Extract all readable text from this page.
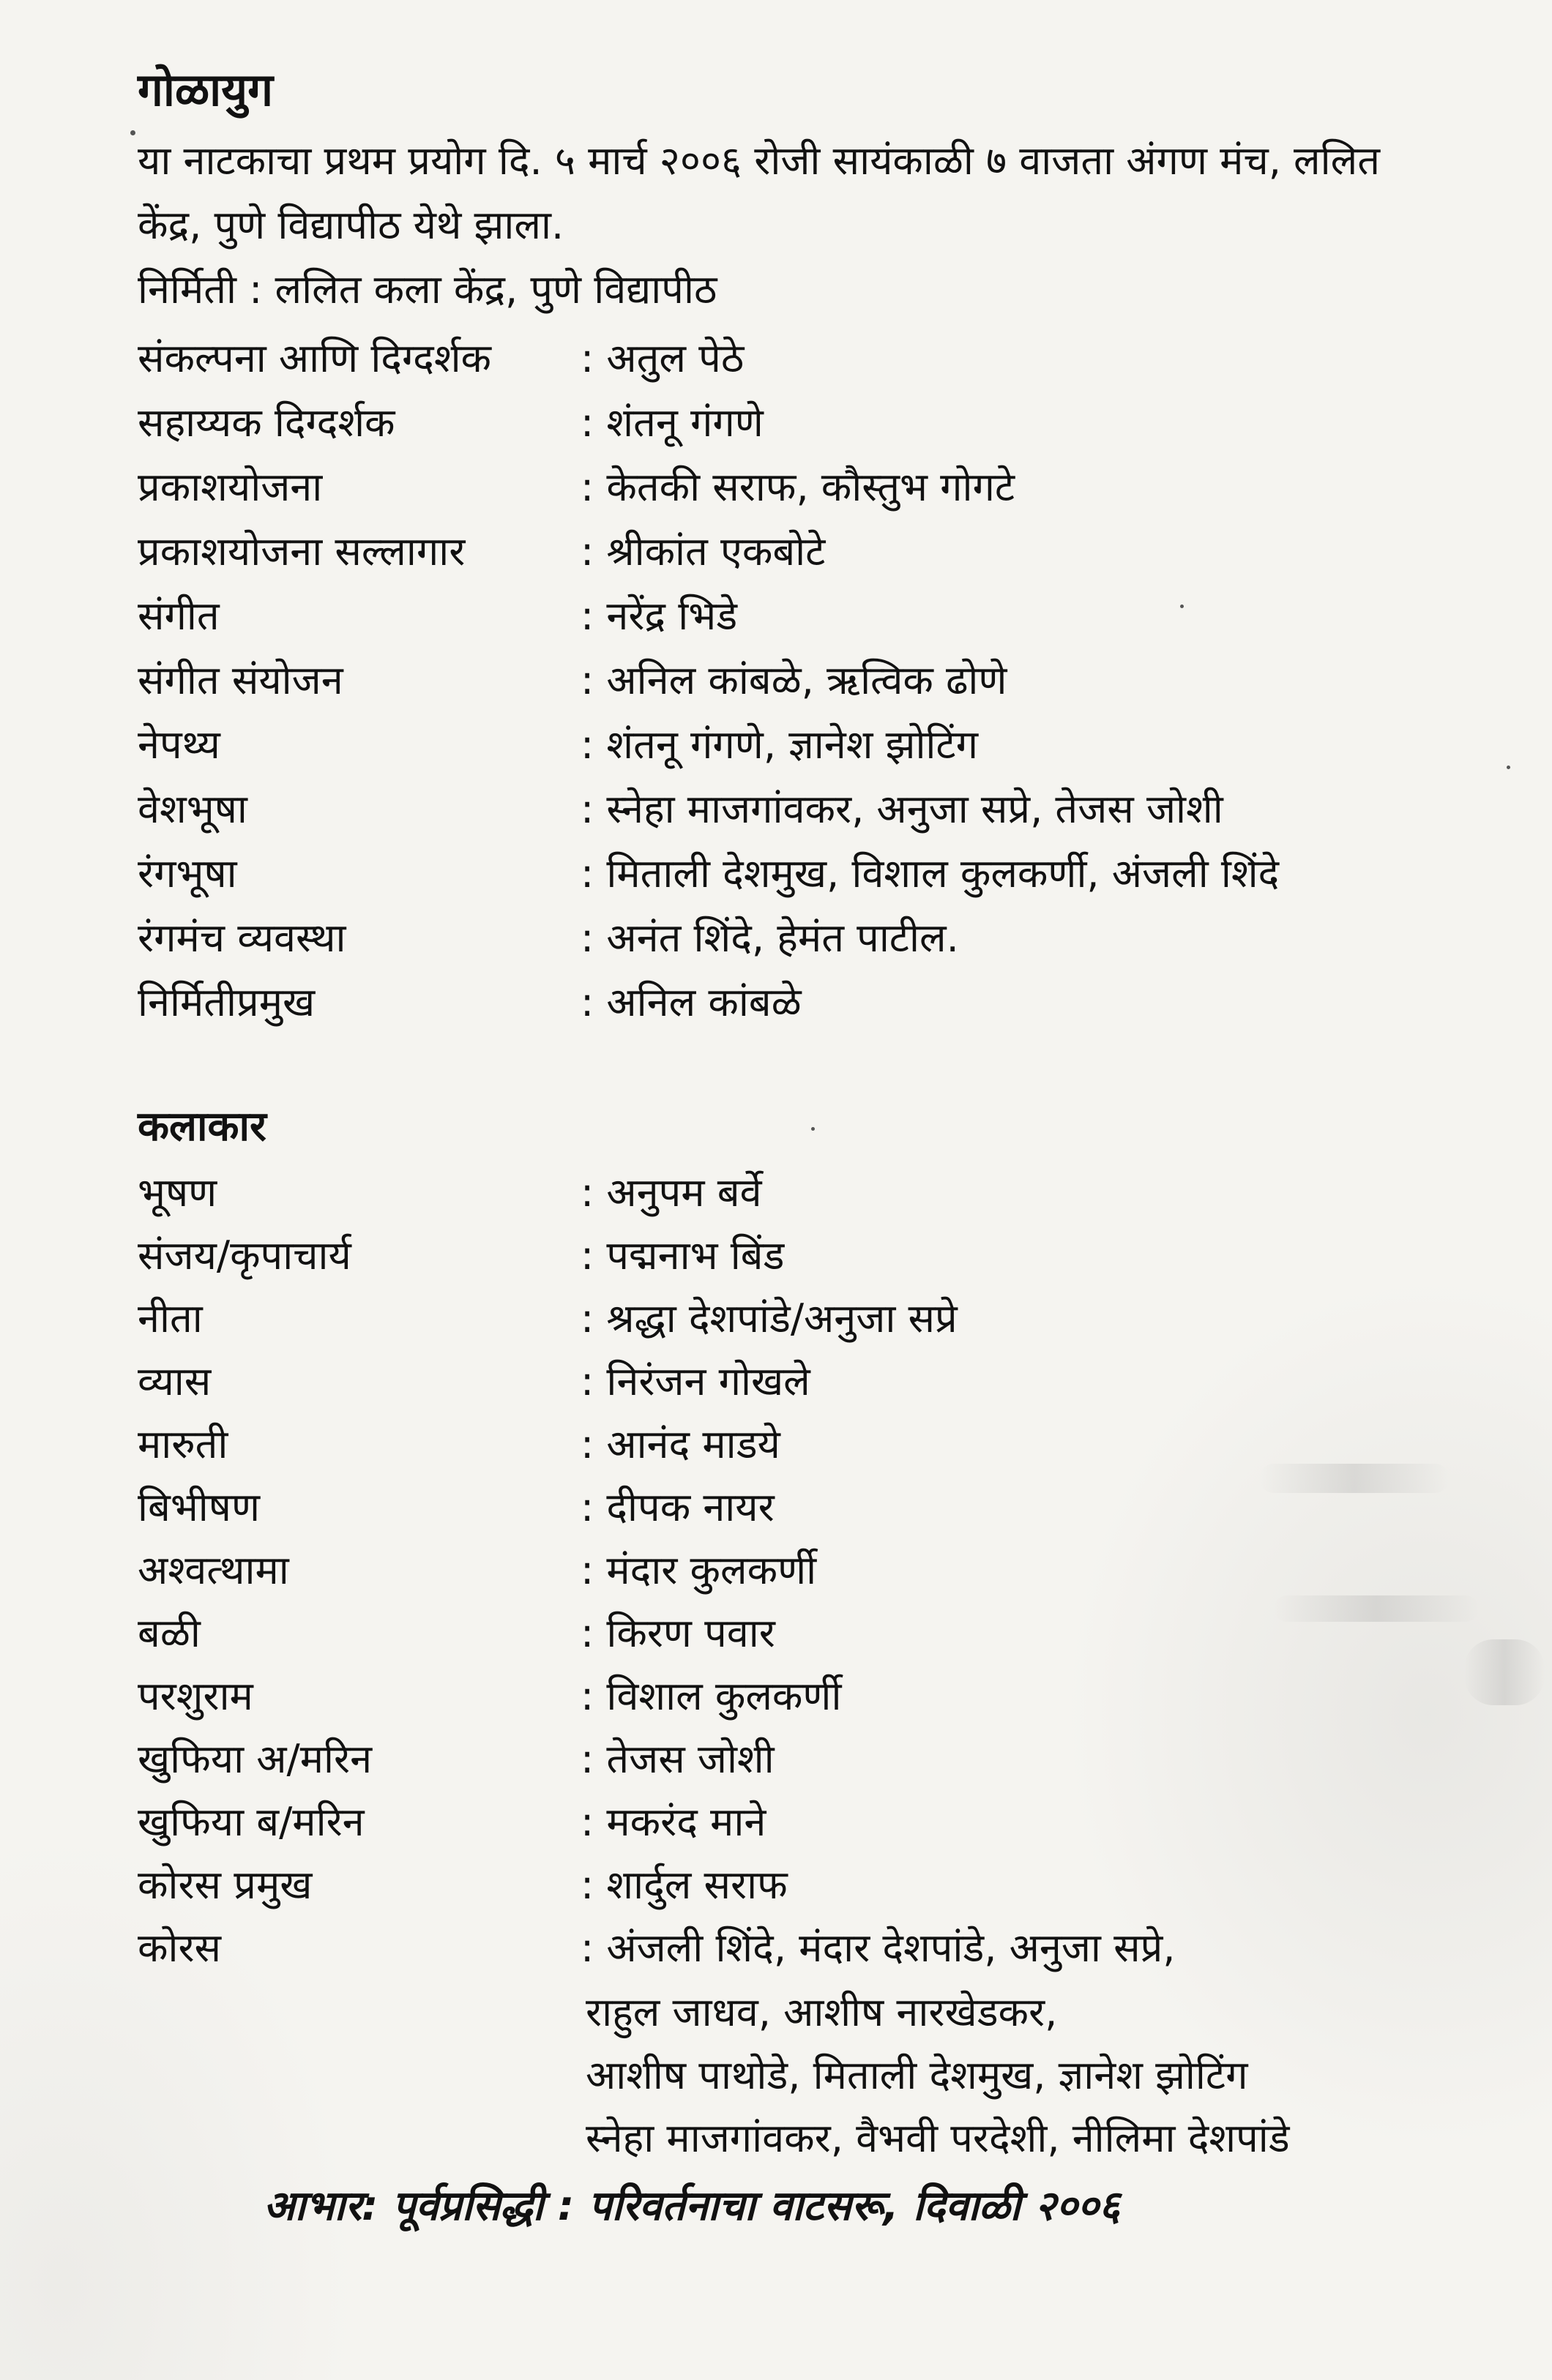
गोळायुग

या नाटकाचा प्रथम प्रयोग दि. ५ मार्च २००६ रोजी सायंकाळी ७ वाजता अंगण मंच, ललित केंद्र, पुणे विद्यापीठ येथे झाला.

निर्मिती : ललित कला केंद्र, पुणे विद्यापीठ

संकल्पना आणि दिग्दर्शक	: अतुल पेठे
सहाय्यक दिग्दर्शक	: शंतनू गंगणे
प्रकाशयोजना	: केतकी सराफ, कौस्तुभ गोगटे
प्रकाशयोजना सल्लागार	: श्रीकांत एकबोटे
संगीत	: नरेंद्र भिडे
संगीत संयोजन	: अनिल कांबळे, ऋत्विक ढोणे
नेपथ्य	: शंतनू गंगणे, ज्ञानेश झोटिंग
वेशभूषा	: स्नेहा माजगांवकर, अनुजा सप्रे, तेजस जोशी
रंगभूषा	: मिताली देशमुख, विशाल कुलकर्णी, अंजली शिंदे
रंगमंच व्यवस्था	: अनंत शिंदे, हेमंत पाटील.
निर्मितीप्रमुख	: अनिल कांबळे
कलाकार
भूषण	: अनुपम बर्वे
संजय/कृपाचार्य	: पद्मनाभ बिंड
नीता	: श्रद्धा देशपांडे/अनुजा सप्रे
व्यास	: निरंजन गोखले
मारुती	: आनंद माडये
बिभीषण	: दीपक नायर
अश्वत्थामा	: मंदार कुलकर्णी
बळी	: किरण पवार
परशुराम	: विशाल कुलकर्णी
खुफिया अ/मरिन	: तेजस जोशी
खुफिया ब/मरिन	: मकरंद माने
कोरस प्रमुख	: शार्दुल सराफ
कोरस	: अंजली शिंदे, मंदार देशपांडे, अनुजा सप्रे,
राहुल जाधव, आशीष नारखेडकर,
आशीष पाथोडे, मिताली देशमुख, ज्ञानेश झोटिंग
स्नेहा माजगांवकर, वैभवी परदेशी, नीलिमा देशपांडे
आभार: पूर्वप्रसिद्धी : परिवर्तनाचा वाटसरू, दिवाळी २००६
